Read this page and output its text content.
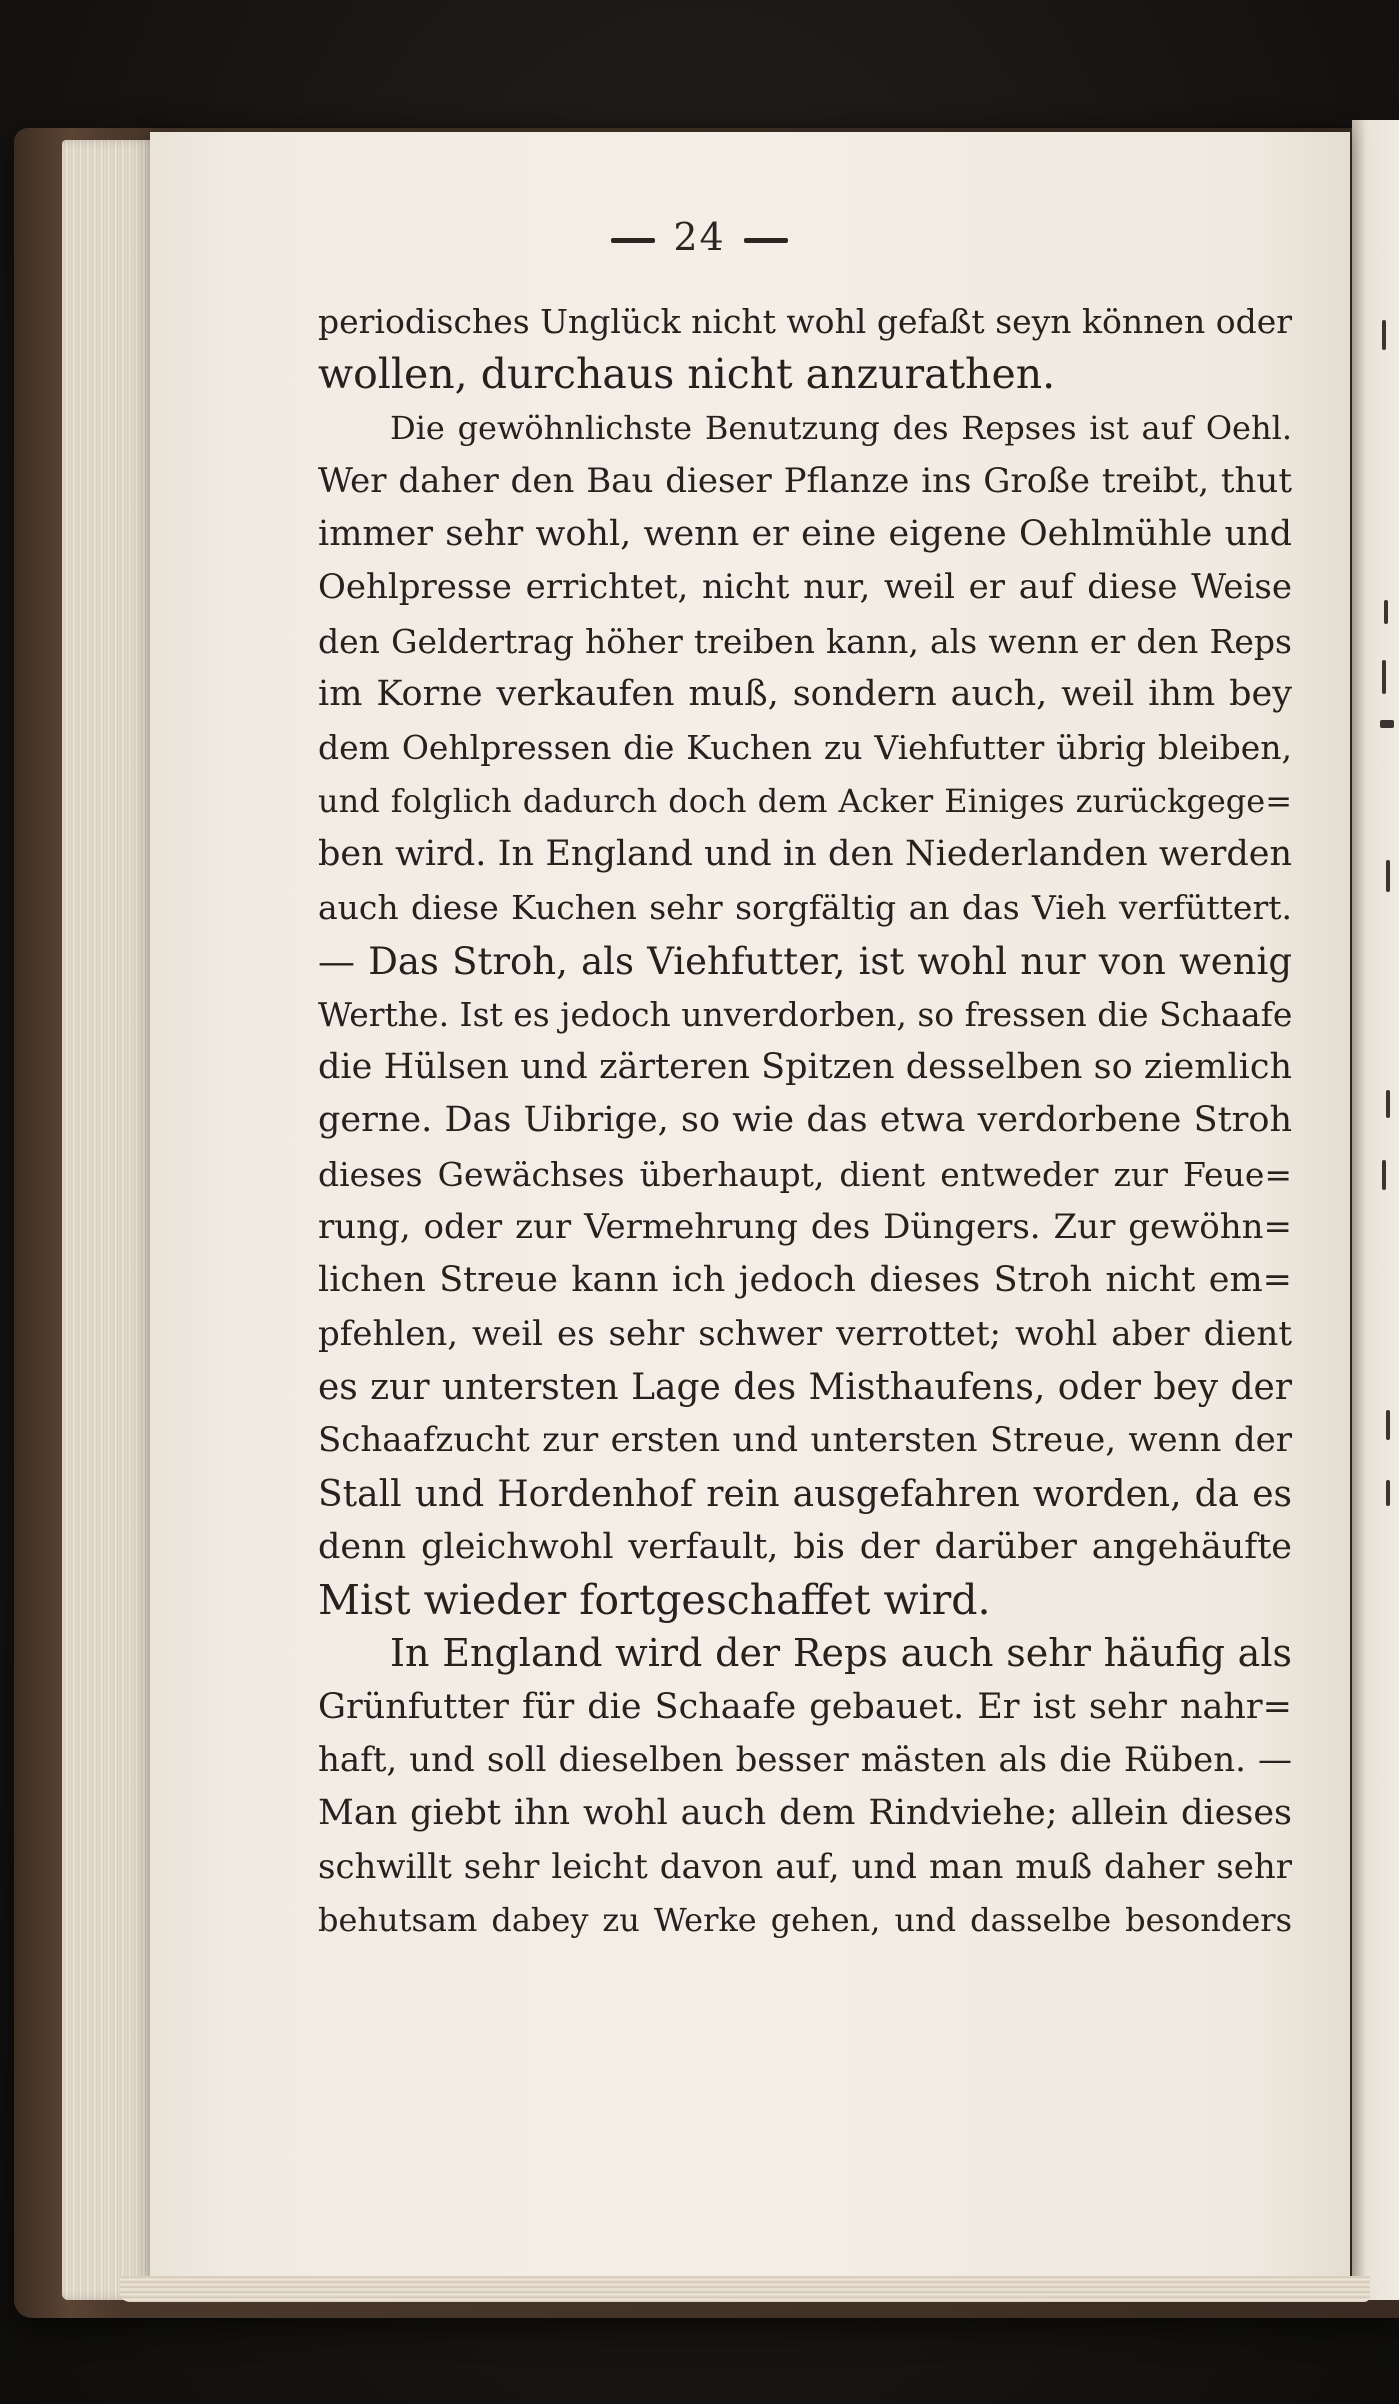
24
periodisches Unglück nicht wohl gefaßt seyn können oder
wollen, durchaus nicht anzurathen.
Die gewöhnlichste Benutzung des Repses ist auf Oehl.
Wer daher den Bau dieser Pflanze ins Große treibt, thut
immer sehr wohl, wenn er eine eigene Oehlmühle und
Oehlpresse errichtet, nicht nur, weil er auf diese Weise
den Geldertrag höher treiben kann, als wenn er den Reps
im Korne verkaufen muß, sondern auch, weil ihm bey
dem Oehlpressen die Kuchen zu Viehfutter übrig bleiben,
und folglich dadurch doch dem Acker Einiges zurückgege=
ben wird. In England und in den Niederlanden werden
auch diese Kuchen sehr sorgfältig an das Vieh verfüttert.
— Das Stroh, als Viehfutter, ist wohl nur von wenig
Werthe. Ist es jedoch unverdorben, so fressen die Schaafe
die Hülsen und zärteren Spitzen desselben so ziemlich
gerne. Das Uibrige, so wie das etwa verdorbene Stroh
dieses Gewächses überhaupt, dient entweder zur Feue=
rung, oder zur Vermehrung des Düngers. Zur gewöhn=
lichen Streue kann ich jedoch dieses Stroh nicht em=
pfehlen, weil es sehr schwer verrottet; wohl aber dient
es zur untersten Lage des Misthaufens, oder bey der
Schaafzucht zur ersten und untersten Streue, wenn der
Stall und Hordenhof rein ausgefahren worden, da es
denn gleichwohl verfault, bis der darüber angehäufte
Mist wieder fortgeschaffet wird.
In England wird der Reps auch sehr häufig als
Grünfutter für die Schaafe gebauet. Er ist sehr nahr=
haft, und soll dieselben besser mästen als die Rüben. —
Man giebt ihn wohl auch dem Rindviehe; allein dieses
schwillt sehr leicht davon auf, und man muß daher sehr
behutsam dabey zu Werke gehen, und dasselbe besonders
